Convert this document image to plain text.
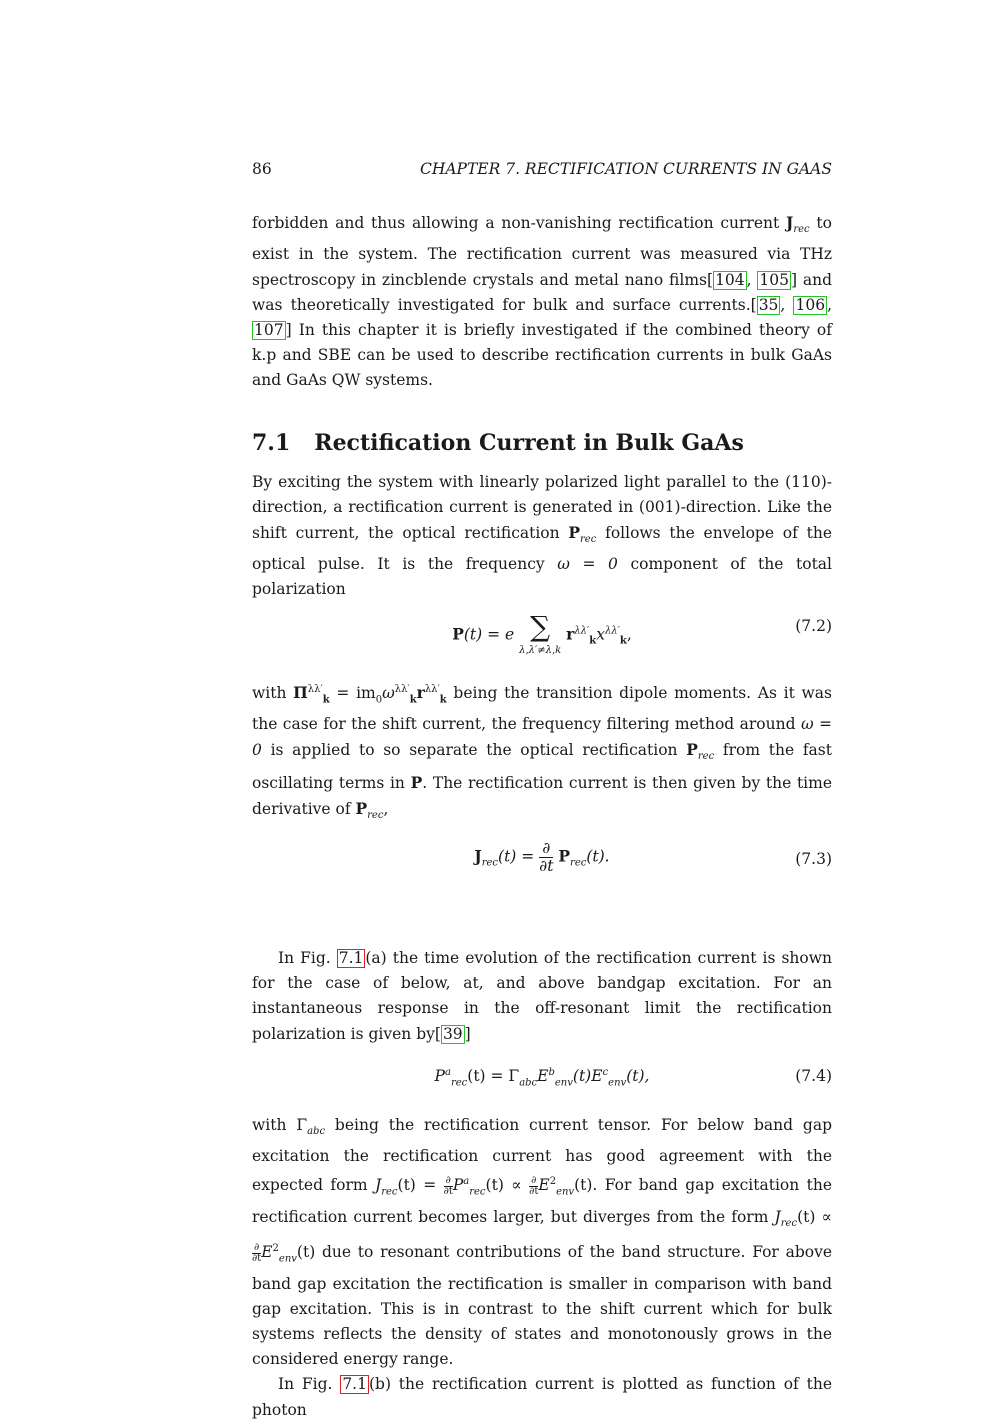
86	CHAPTER 7. RECTIFICATION CURRENTS IN GAAS

forbidden and thus allowing a non-vanishing rectification current $J_{rec}$ to exist in the system. The rectification current was measured via THz spectroscopy in zincblende crystals and metal nano films[ 104 , 105 ] and was theoretically investigated for bulk and surface currents.[ 35 , 106 , 107 ] In this chapter it is briefly investigated if the combined theory of k.p and SBE can be used to describe rectification currents in bulk GaAs and GaAs QW systems.

7.1 Rectification Current in Bulk GaAs

By exciting the system with linearly polarized light parallel to the (110)-direction, a rectification current is generated in (001)-direction. Like the shift current, the optical rectification $P_{rec}$ follows the envelope of the optical pulse. It is the frequency ω = 0 component of the total polarization

P(t) = e ∑
λ,λ′≠λ,k $r^{\lambda\lambda'}_kx^{\lambda\lambda'}_k$,	(7.2)

with $\Pi^{\lambda\lambda'}_k = im_0\omega^{\lambda\lambda'}_kr^{\lambda\lambda'}_k$ being the transition dipole moments. As it was the case for the shift current, the frequency filtering method around ω = 0 is applied to so separate the optical rectification $P_{rec}$ from the fast oscillating terms in P. The rectification current is then given by the time derivative of $P_{rec}$,

$J_{rec}(t) = \frac{\partial}{\partial t} P_{rec}(t)$.	(7.3)

In Fig. 7.1 (a) the time evolution of the rectification current is shown for the case of below, at, and above bandgap excitation. For an instantaneous response in the off-resonant limit the rectification polarization is given by[ 39 ]

$P^a_{rec}(t) = \Gamma_{abc}E^b_{env}(t)E^c_{env}(t)$,	(7.4)

with $\Gamma_{abc}$ being the rectification current tensor. For below band gap excitation the rectification current has good agreement with the expected form $J_{rec}(t)$ = ∂
∂t $P^a_{rec}(t)$ ∝ ∂
∂t $E^2_{env}(t)$. For band gap excitation the rectification current becomes larger, but diverges from the form $J_{rec}(t)$ ∝
∂
∂t $E^2_{env}(t)$ due to resonant contributions of the band structure. For above band gap excitation the rectification is smaller in comparison with band gap excitation. This is in contrast to the shift current which for bulk systems reflects the density of states and monotonously grows in the considered energy range.

In Fig. 7.1 (b) the rectification current is plotted as function of the photon
